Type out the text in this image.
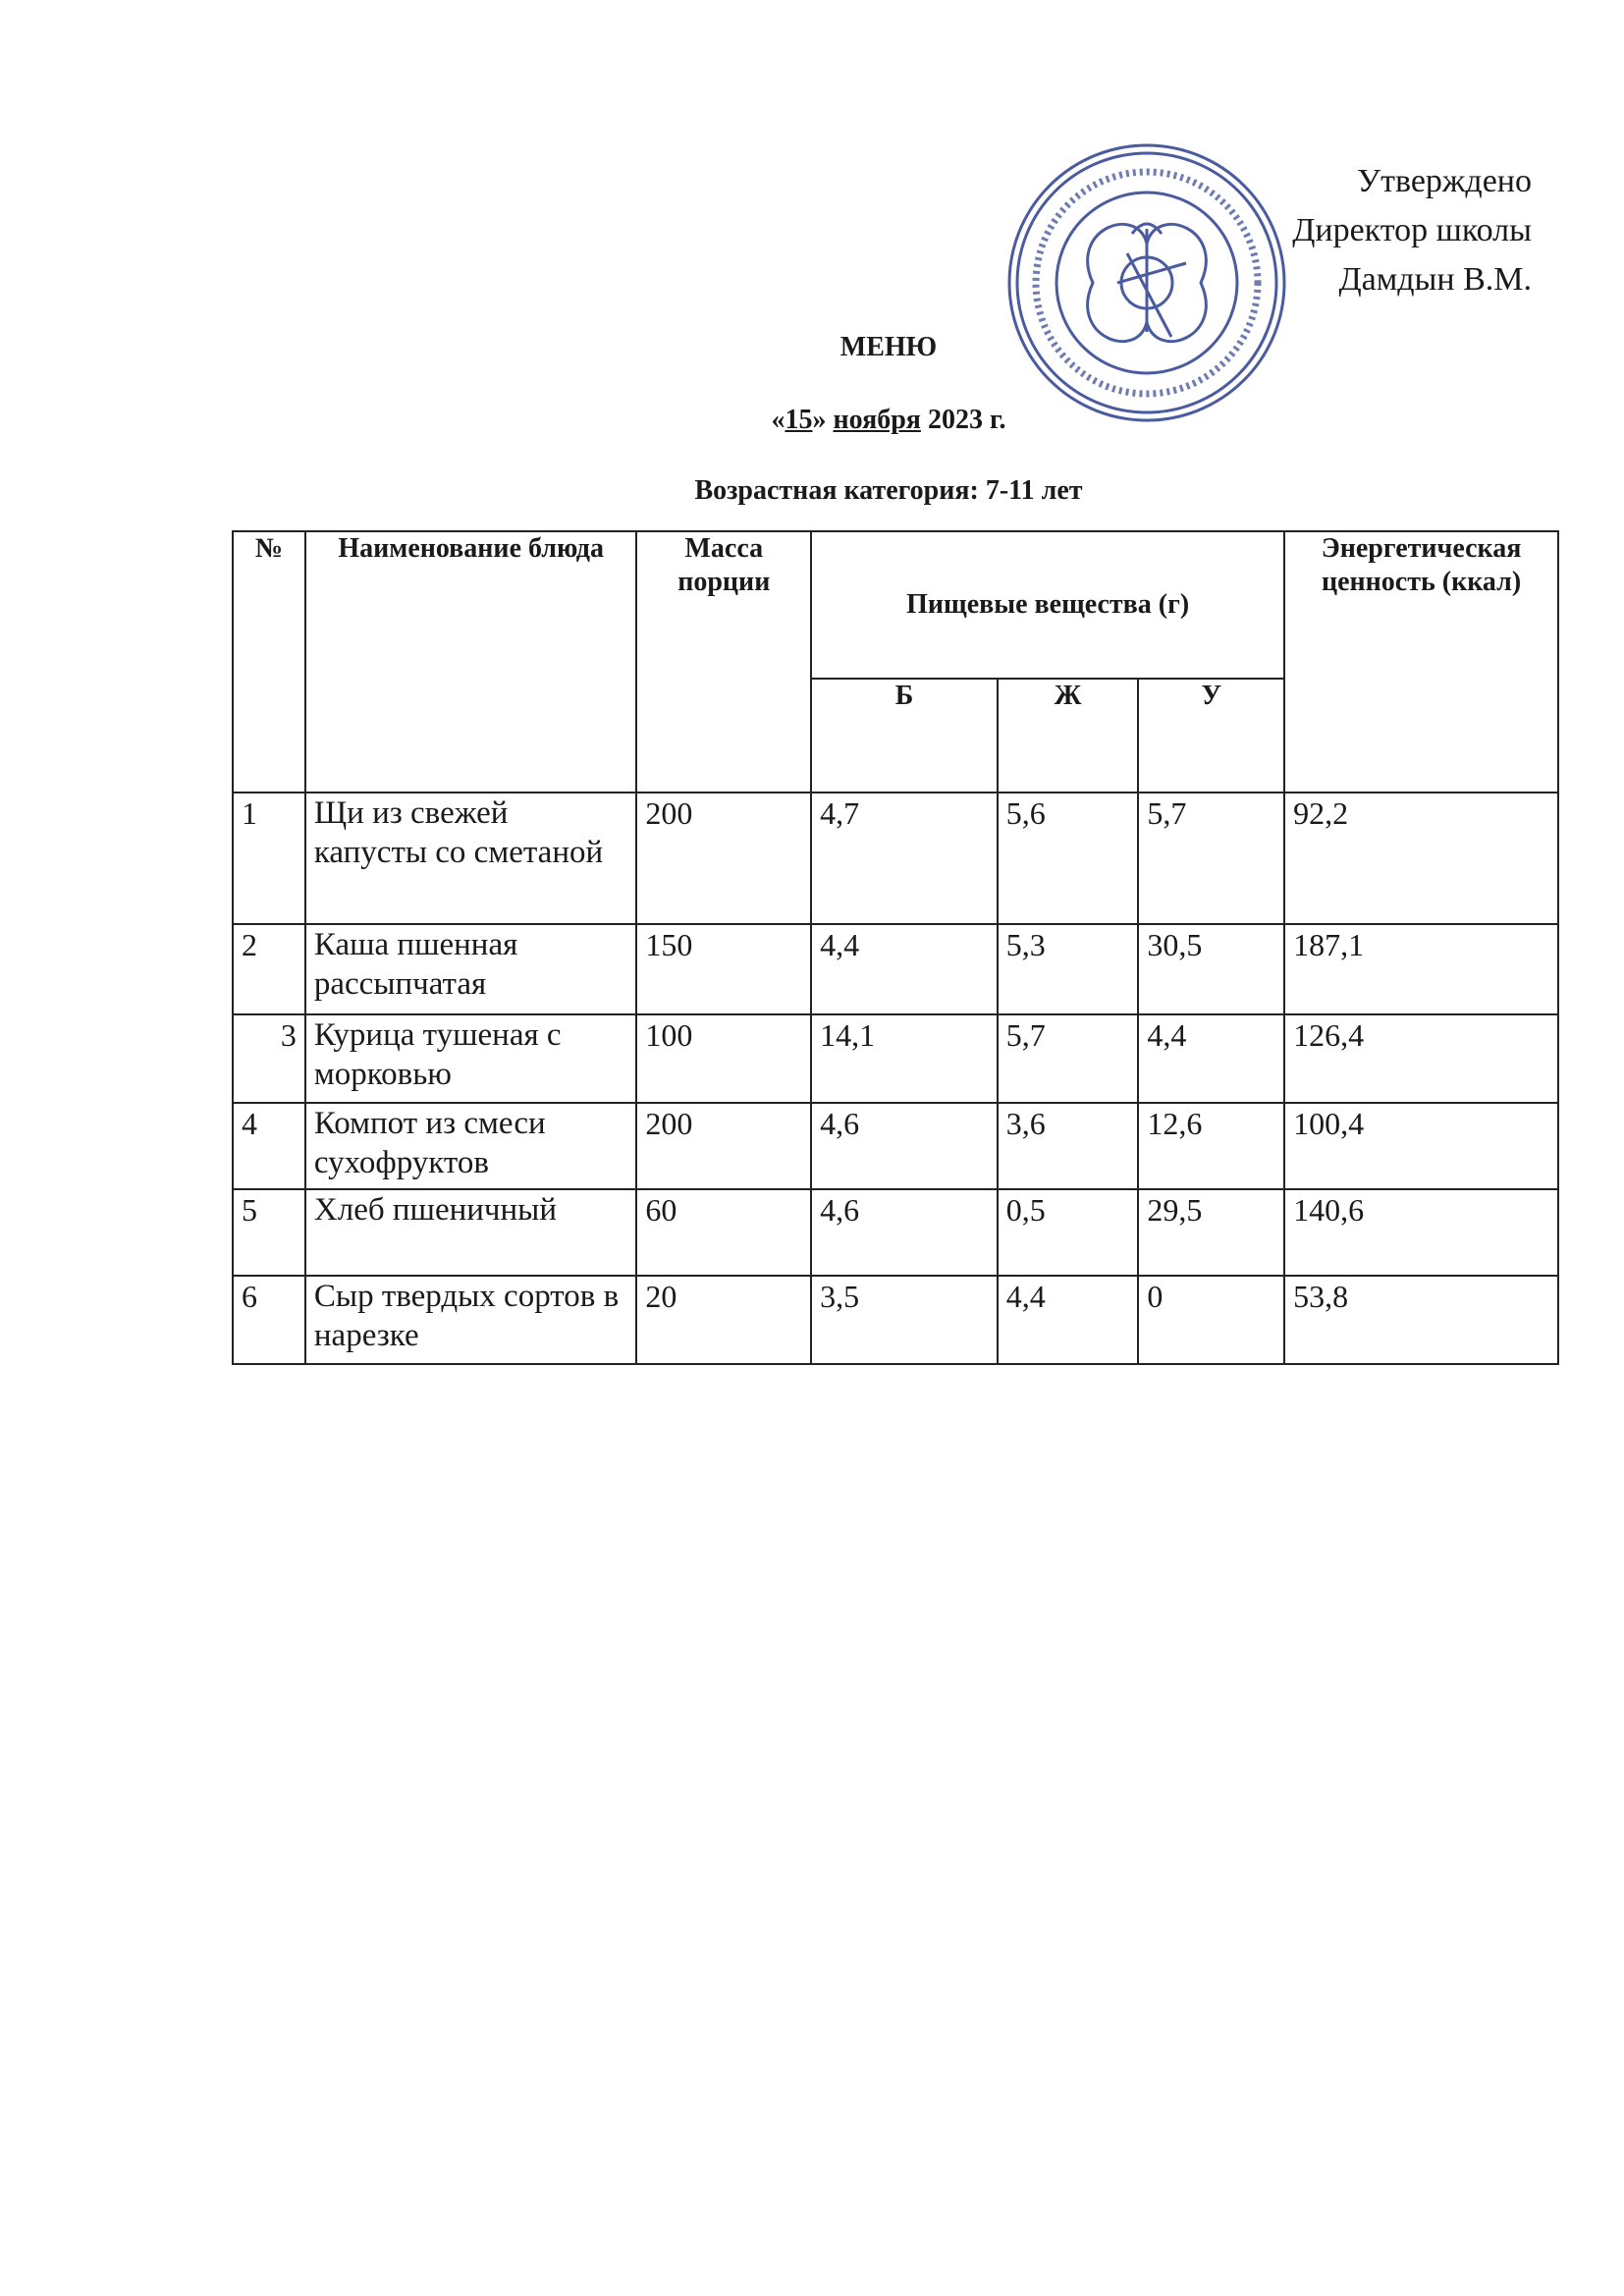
Утверждено
Директор школы
Дамдын В.М.
МЕНЮ
«15» ноября 2023 г.
Возрастная категория: 7-11 лет
№	Наименование блюда	Масса порции	Пищевые вещества (г)			Энергетическая ценность (ккал)
			Б	Ж	У	
1	Щи из свежей капусты со сметаной	200	4,7	5,6	5,7	92,2
2	Каша пшенная рассыпчатая	150	4,4	5,3	30,5	187,1
3	Курица тушеная с морковью	100	14,1	5,7	4,4	126,4
4	Компот из смеси сухофруктов	200	4,6	3,6	12,6	100,4
5	Хлеб пшеничный	60	4,6	0,5	29,5	140,6
6	Сыр твердых сортов в нарезке	20	3,5	4,4	0	53,8
